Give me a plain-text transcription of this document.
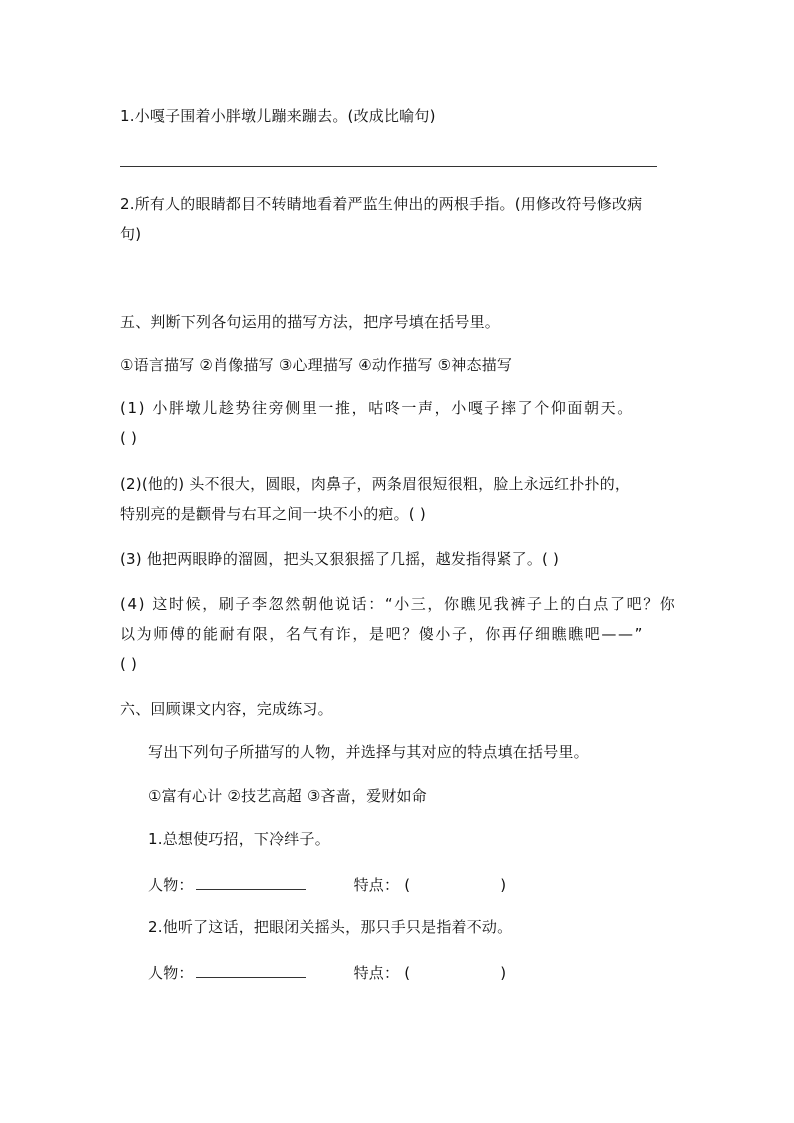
1.小嘎子围着小胖墩儿蹦来蹦去。(改成比喻句)
2.所有人的眼睛都目不转睛地看着严监生伸出的两根手指。(用修改符号修改病
句)
五、判断下列各句运用的描写方法，把序号填在括号里。
①语言描写 ②肖像描写 ③心理描写 ④动作描写 ⑤神态描写
(1) 小胖墩儿趁势往旁侧里一推，咕咚一声，小嘎子摔了个仰面朝天。
( )
(2)(他的) 头不很大，圆眼，肉鼻子，两条眉很短很粗，脸上永远红扑扑的，
特别亮的是颧骨与右耳之间一块不小的疤。( )
(3) 他把两眼睁的溜圆，把头又狠狠摇了几摇，越发指得紧了。( )
(4) 这时候，刷子李忽然朝他说话：“小三，你瞧见我裤子上的白点了吧？你
以为师傅的能耐有限，名气有诈，是吧？傻小子，你再仔细瞧瞧吧——”
( )
六、回顾课文内容，完成练习。
写出下列句子所描写的人物，并选择与其对应的特点填在括号里。
①富有心计 ②技艺高超 ③吝啬，爱财如命
1.总想使巧招，下冷绊子。
人物：	特点： (	)
2.他听了这话，把眼闭关摇头，那只手只是指着不动。
人物：	特点： (	)
